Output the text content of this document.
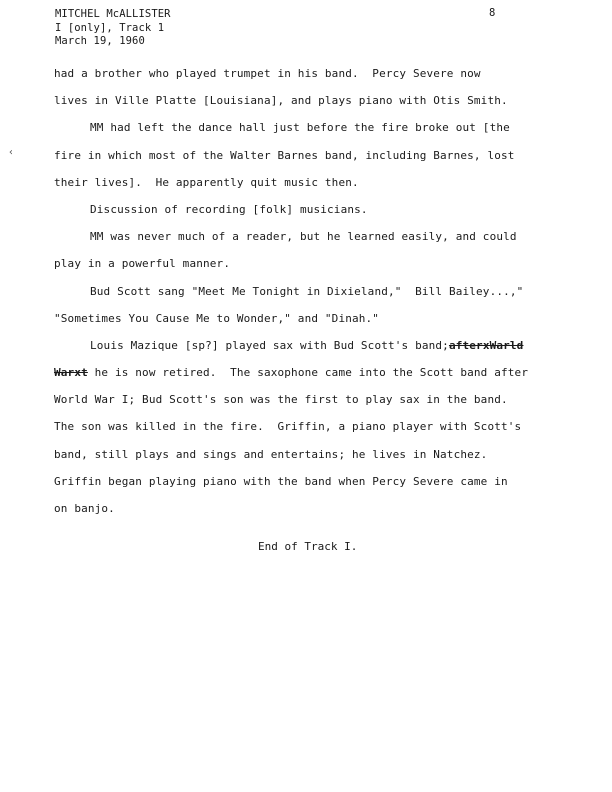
MITCHEL McALLISTER
I [only], Track 1
March 19, 1960
8
‹
had a brother who played trumpet in his band.  Percy Severe now
lives in Ville Platte [Louisiana], and plays piano with Otis Smith.
MM had left the dance hall just before the fire broke out [the
fire in which most of the Walter Barnes band, including Barnes, lost
their lives].  He apparently quit music then.
Discussion of recording [folk] musicians.
MM was never much of a reader, but he learned easily, and could
play in a powerful manner.
Bud Scott sang "Meet Me Tonight in Dixieland,"  Bill Bailey...,"
"Sometimes You Cause Me to Wonder," and "Dinah."
Louis Mazique [sp?] played sax with Bud Scott's band;afterxWarld
Warxt he is now retired.  The saxophone came into the Scott band after
World War I; Bud Scott's son was the first to play sax in the band.
The son was killed in the fire.  Griffin, a piano player with Scott's
band, still plays and sings and entertains; he lives in Natchez.
Griffin began playing piano with the band when Percy Severe came in
on banjo.
End of Track I.
